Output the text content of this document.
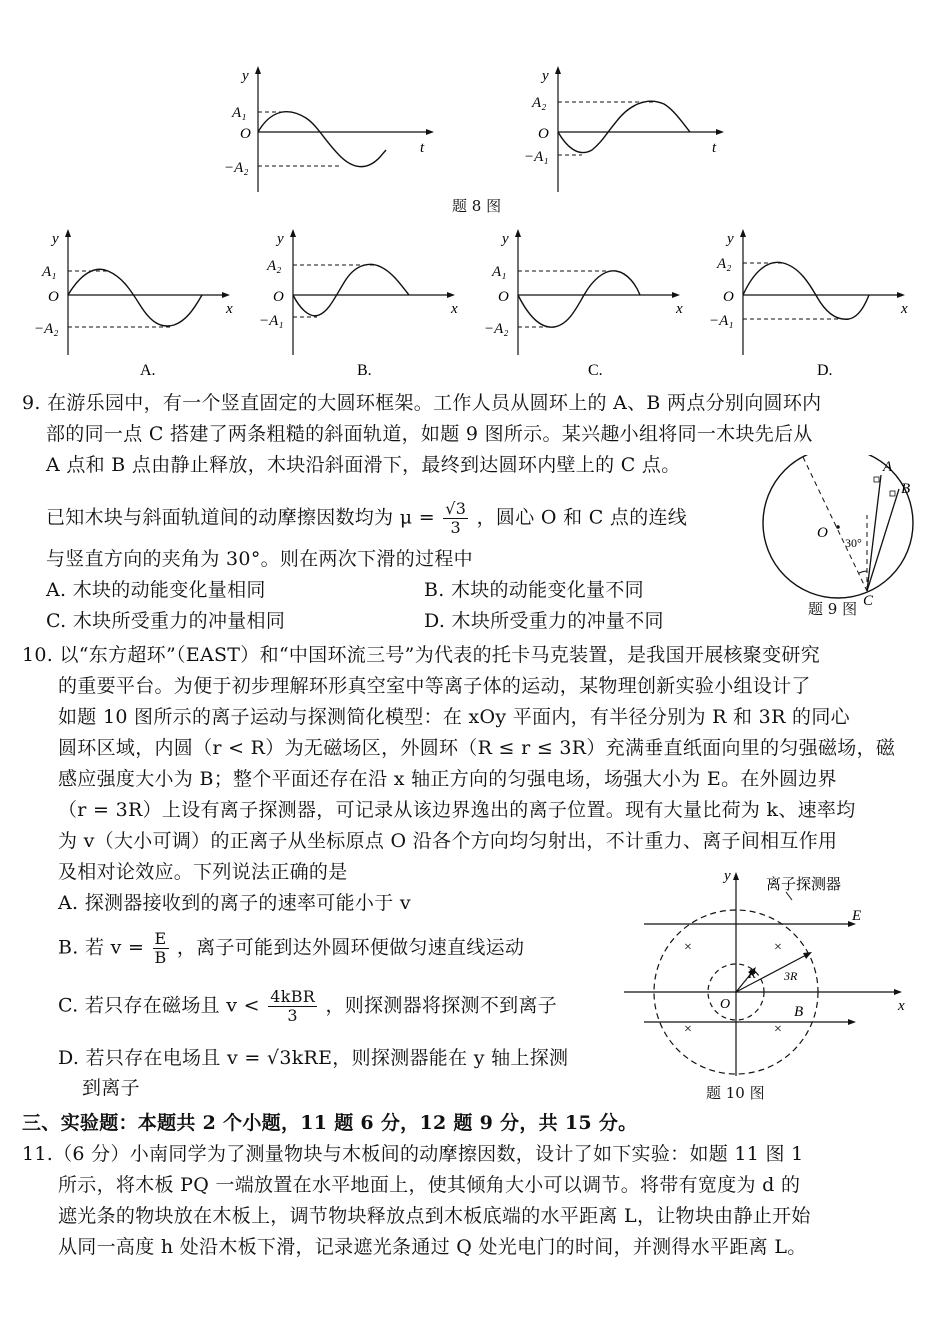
y
A₁
O
−A₂
t
y
A₂
O
−A₁
t
题 8 图
y
A₁
O
−A₂
x
A.
y
A₂
O
−A₁
x
B.
y
A₁
O
−A₂
x
C.
y
A₂
O
−A₁
x
D.
9. 在游乐园中，有一个竖直固定的大圆环框架。工作人员从圆环上的 A、B 两点分别向圆环内
部的同一点 C 搭建了两条粗糙的斜面轨道，如题 9 图所示。某兴趣小组将同一木块先后从
A 点和 B 点由静止释放，木块沿斜面滑下，最终到达圆环内壁上的 C 点。
已知木块与斜面轨道间的动摩擦因数均为 $\mu = \frac{√3}{3}$ ，圆心 O 和 C 点的连线
与竖直方向的夹角为 30°。则在两次下滑的过程中
A. 木块的动能变化量相同	B. 木块的动能变化量不同
C. 木块所受重力的冲量相同	D. 木块所受重力的冲量不同
A
B
C
O
30°
题 9 图
10. 以“东方超环”（EAST）和“中国环流三号”为代表的托卡马克装置，是我国开展核聚变研究
的重要平台。为便于初步理解环形真空室中等离子体的运动，某物理创新实验小组设计了
如题 10 图所示的离子运动与探测简化模型：在 xOy 平面内，有半径分别为 R 和 3R 的同心
圆环区域，内圆（r < R）为无磁场区，外圆环（R ≤ r ≤ 3R）充满垂直纸面向里的匀强磁场，磁
感应强度大小为 B；整个平面还存在沿 x 轴正方向的匀强电场，场强大小为 E。在外圆边界
（r = 3R）上设有离子探测器，可记录从该边界逸出的离子位置。现有大量比荷为 k、速率均
为 v（大小可调）的正离子从坐标原点 O 沿各个方向均匀射出，不计重力、离子间相互作用
及相对论效应。下列说法正确的是
A. 探测器接收到的离子的速率可能小于 v
B. 若 $v = \frac{E}{B}$ ，离子可能到达外圆环便做匀速直线运动
C. 若只存在磁场且 $v < \frac{\text{4kBR}}{3}$ ，则探测器将探测不到离子
D. 若只存在电场且 v = √3kRE，则探测器能在 y 轴上探测
到离子
×	×
×	×
离子探测器
E
B
R 3R
O	x
y
题 10 图
三、实验题：本题共 2 个小题，11 题 6 分，12 题 9 分，共 15 分。
11.（6 分）小南同学为了测量物块与木板间的动摩擦因数，设计了如下实验：如题 11 图 1
所示，将木板 PQ 一端放置在水平地面上，使其倾角大小可以调节。将带有宽度为 d 的
遮光条的物块放在木板上，调节物块释放点到木板底端的水平距离 L，让物块由静止开始
从同一高度 h 处沿木板下滑，记录遮光条通过 Q 处光电门的时间，并测得水平距离 L。
